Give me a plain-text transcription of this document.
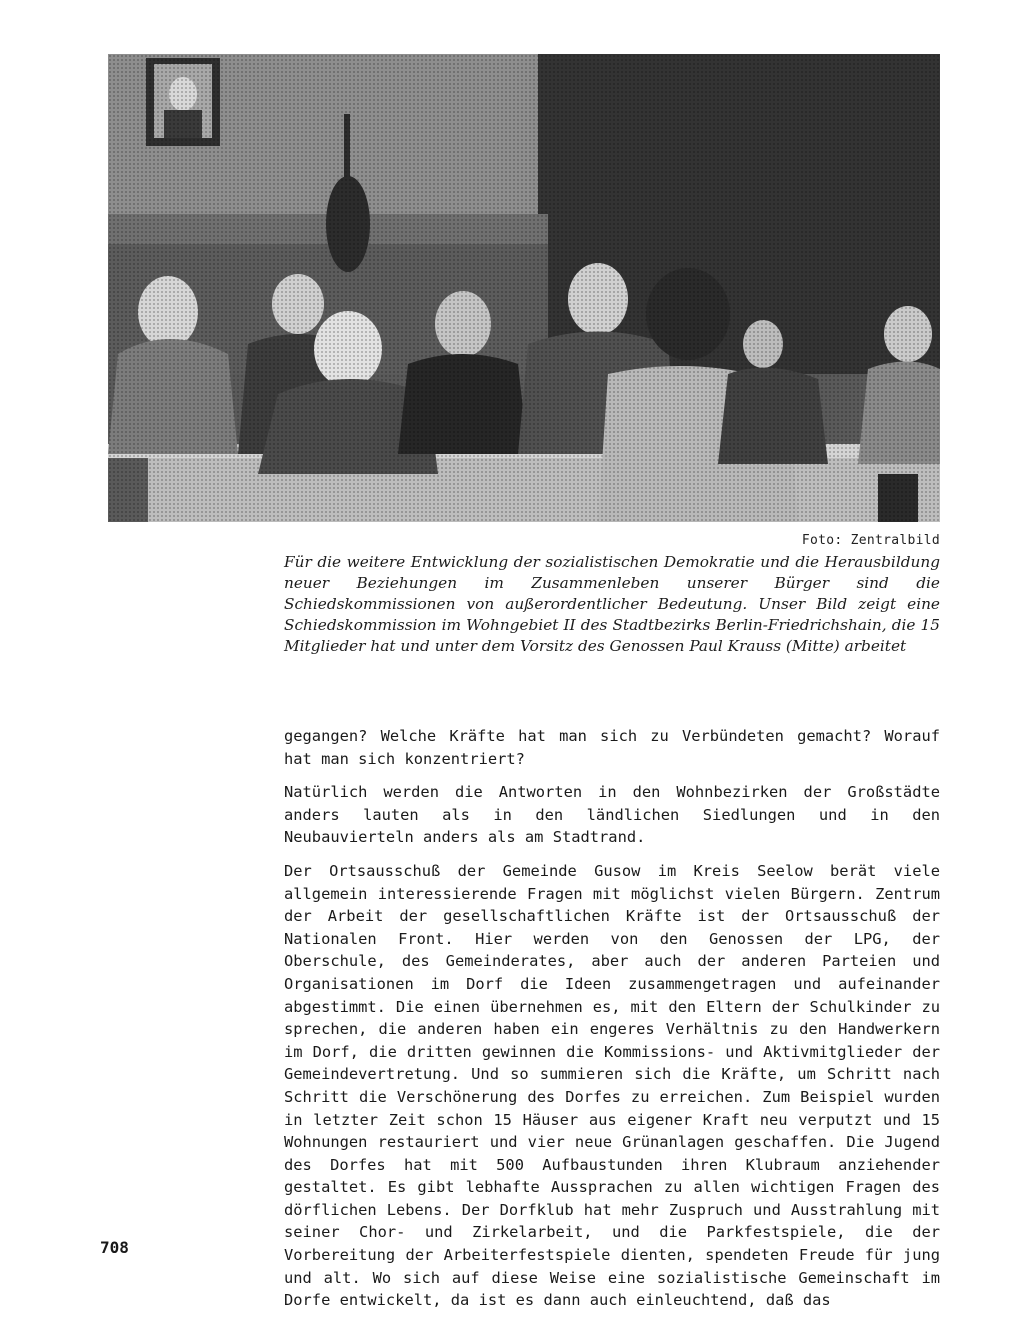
Foto: Zentralbild

Für die weitere Entwicklung der sozialistischen Demokratie und die Herausbildung neuer Beziehungen im Zusammenleben unserer Bürger sind die Schiedskommissionen von außerordentlicher Bedeutung. Unser Bild zeigt eine Schiedskommission im Wohngebiet II des Stadtbezirks Berlin-Friedrichshain, die 15 Mitglieder hat und unter dem Vorsitz des Genossen Paul Krauss (Mitte) arbeitet

gegangen? Welche Kräfte hat man sich zu Verbündeten gemacht? Worauf hat man sich konzentriert?

Natürlich werden die Antworten in den Wohnbezirken der Großstädte anders lauten als in den ländlichen Siedlungen und in den Neubauvierteln anders als am Stadtrand.

Der Ortsausschuß der Gemeinde Gusow im Kreis Seelow berät viele allgemein interessierende Fragen mit möglichst vielen Bürgern. Zentrum der Arbeit der gesellschaftlichen Kräfte ist der Ortsausschuß der Nationalen Front. Hier werden von den Genossen der LPG, der Oberschule, des Gemeinderates, aber auch der anderen Parteien und Organisationen im Dorf die Ideen zusammengetragen und aufeinander abgestimmt. Die einen übernehmen es, mit den Eltern der Schulkinder zu sprechen, die anderen haben ein engeres Verhältnis zu den Handwerkern im Dorf, die dritten gewinnen die Kommissions- und Aktivmitglieder der Gemeindevertretung. Und so summieren sich die Kräfte, um Schritt nach Schritt die Verschönerung des Dorfes zu erreichen. Zum Beispiel wurden in letzter Zeit schon 15 Häuser aus eigener Kraft neu verputzt und 15 Wohnungen restauriert und vier neue Grünanlagen geschaffen. Die Jugend des Dorfes hat mit 500 Aufbaustunden ihren Klubraum anziehender gestaltet. Es gibt lebhafte Aussprachen zu allen wichtigen Fragen des dörflichen Lebens. Der Dorfklub hat mehr Zuspruch und Ausstrahlung mit seiner Chor- und Zirkelarbeit, und die Parkfestspiele, die der Vorbereitung der Arbeiterfestspiele dienten, spendeten Freude für jung und alt. Wo sich auf diese Weise eine sozialistische Gemeinschaft im Dorfe entwickelt, da ist es dann auch einleuchtend, daß das

708
